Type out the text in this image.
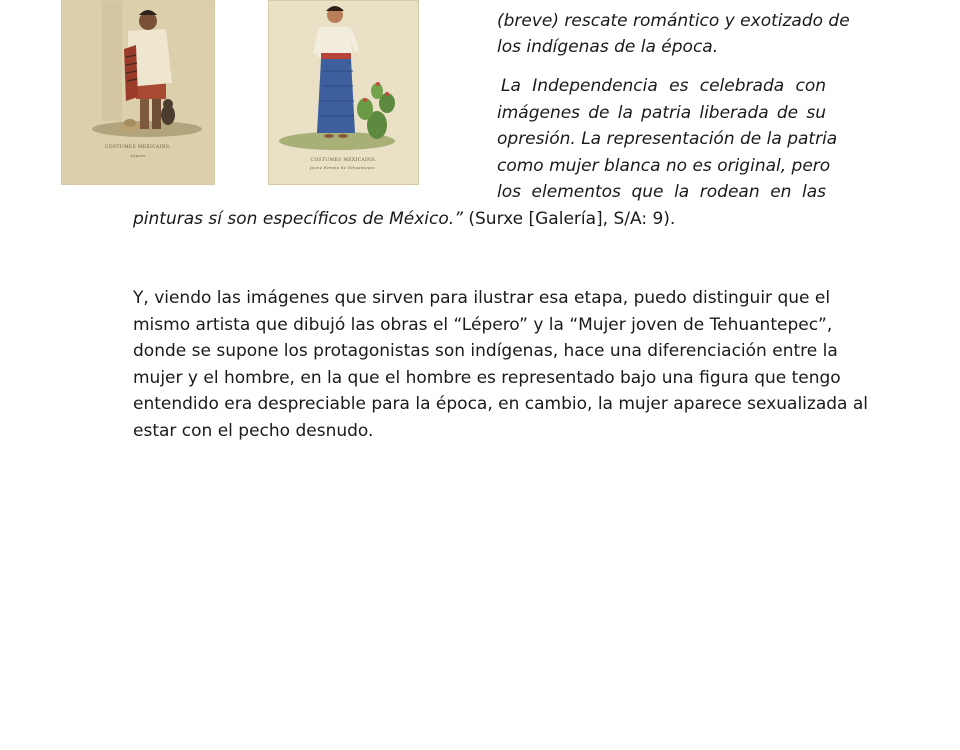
COSTUMES MEXICAINS.
Lépero
COSTUMES MEXICAINS.
Jeune Femme de Tehuantepec.
(breve) rescate romántico y exotizado de
los indígenas de la época.
La Independencia es celebrada con
imágenes de la patria liberada de su
opresión. La representación de la patria
como mujer blanca no es original, pero
los elementos que la rodean en las
pinturas sí son específicos de México.” (Surxe [Galería], S/A: 9).
Y, viendo las imágenes que sirven para ilustrar esa etapa, puedo distinguir que el
mismo artista que dibujó las obras el “Lépero” y la “Mujer joven de Tehuantepec”,
donde se supone los protagonistas son indígenas, hace una diferenciación entre la
mujer y el hombre, en la que el hombre es representado bajo una figura que tengo
entendido era despreciable para la época, en cambio, la mujer aparece sexualizada al
estar con el pecho desnudo.
